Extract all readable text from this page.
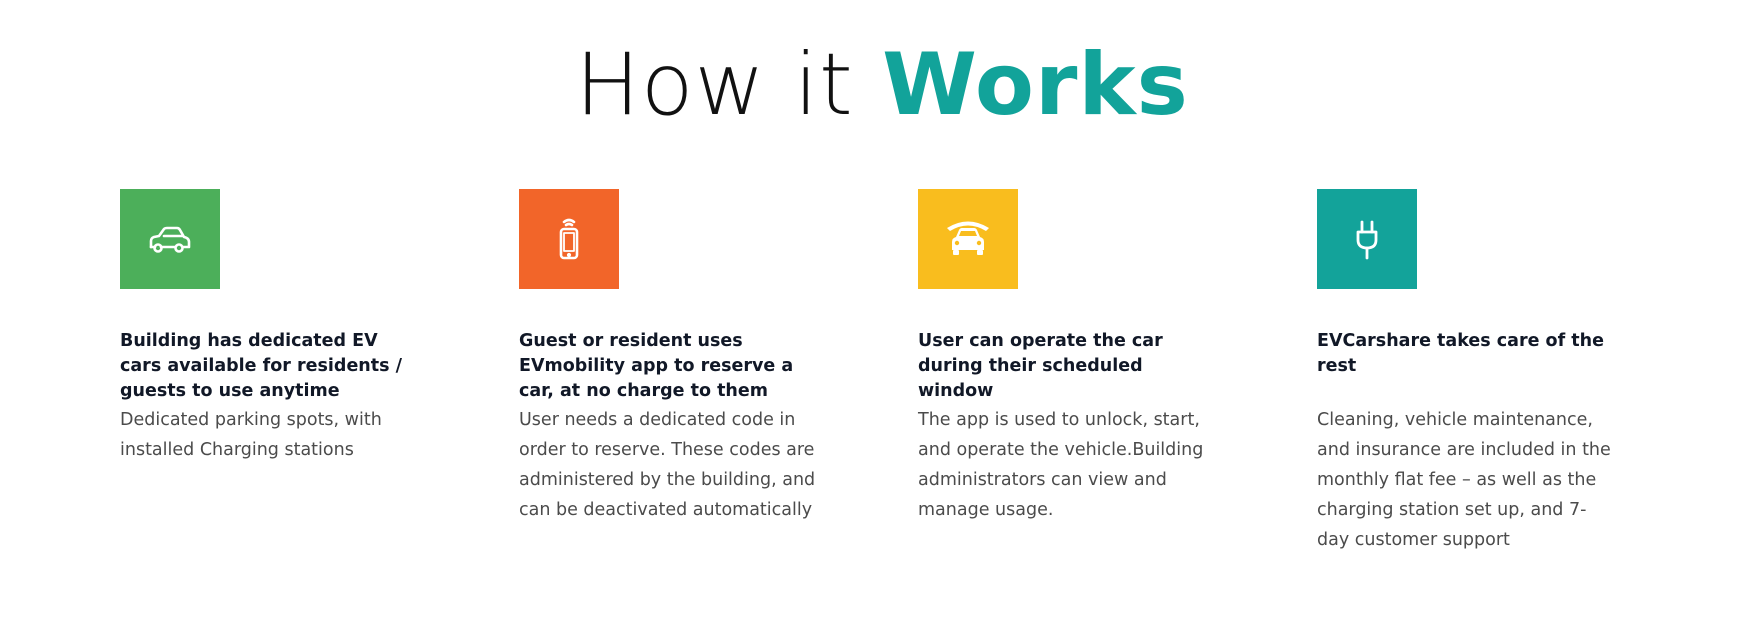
How it Works
Building has dedicated EV cars available for residents / guests to use anytime
Dedicated parking spots, with installed Charging stations
Guest or resident uses EVmobility app to reserve a car, at no charge to them
User needs a dedicated code in order to reserve. These codes are administered by the building, and can be deactivated automatically
User can operate the car during their scheduled window
The app is used to unlock, start, and operate the vehicle.Building administrators can view and manage usage.
EVCarshare takes care of the rest
Cleaning, vehicle maintenance, and insurance are included in the monthly flat fee – as well as the charging station set up, and 7-day customer support
